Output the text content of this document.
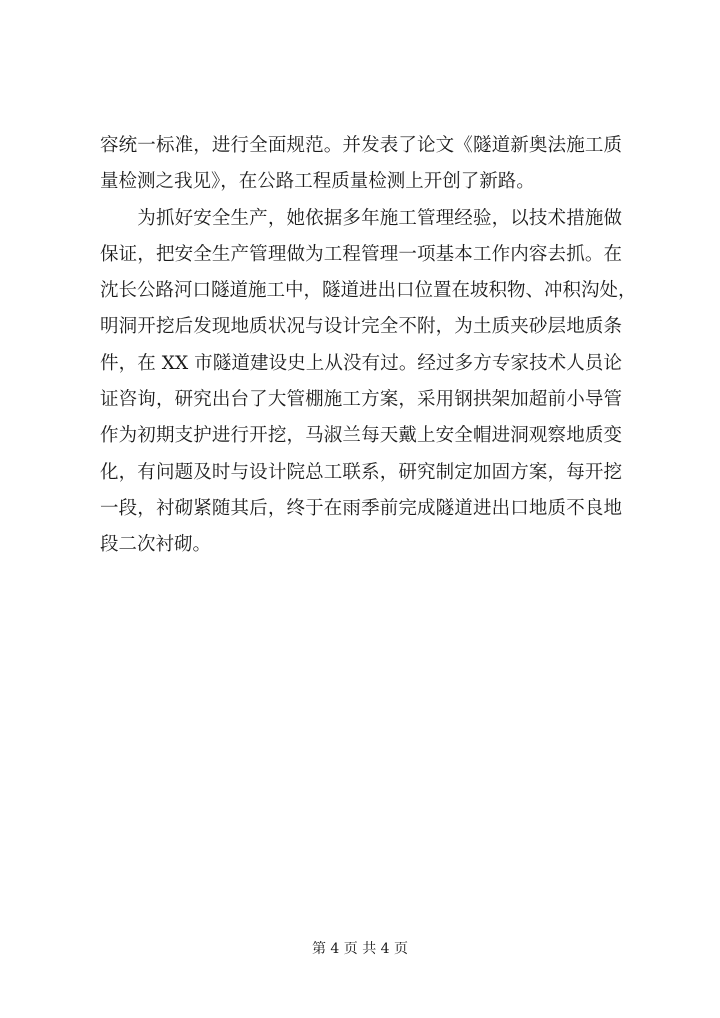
容统一标准，进行全面规范。并发表了论文《隧道新奥法施工质
量检测之我见》，在公路工程质量检测上开创了新路。
　　为抓好安全生产，她依据多年施工管理经验，以技术措施做
保证，把安全生产管理做为工程管理一项基本工作内容去抓。在
沈长公路河口隧道施工中，隧道进出口位置在坡积物、冲积沟处，
明洞开挖后发现地质状况与设计完全不附，为土质夹砂层地质条
件，在 XX 市隧道建设史上从没有过。经过多方专家技术人员论
证咨询，研究出台了大管棚施工方案，采用钢拱架加超前小导管
作为初期支护进行开挖，马淑兰每天戴上安全帽进洞观察地质变
化，有问题及时与设计院总工联系，研究制定加固方案，每开挖
一段，衬砌紧随其后，终于在雨季前完成隧道进出口地质不良地
段二次衬砌。
第 4 页 共 4 页
